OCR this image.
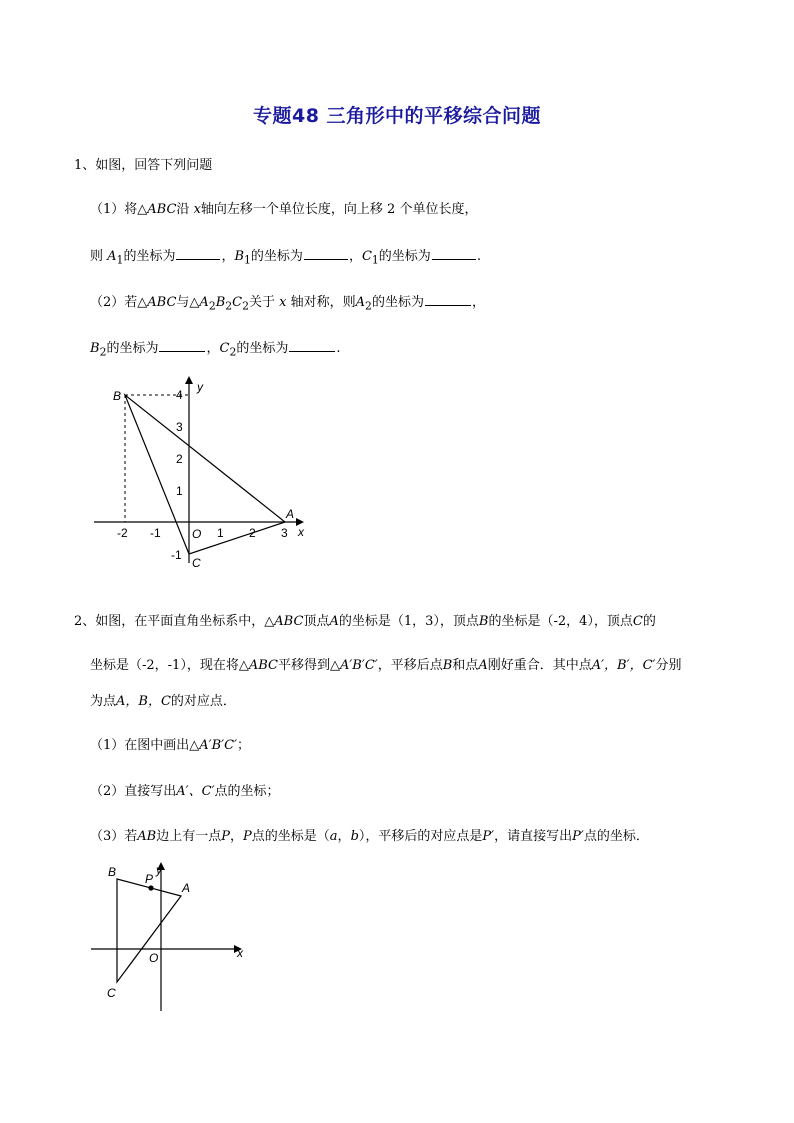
专题48 三角形中的平移综合问题
1、如图，回答下列问题
（1）将△ABC沿 x轴向左移一个单位长度，向上移 2 个单位长度，
则 $A_1$的坐标为	，$B_1$的坐标为	，$C_1$的坐标为	.
（2）若△ABC与$\triangle A_2B_2C_2$关于 x 轴对称，则$A_2$的坐标为	，
$B_2$的坐标为	，$C_2$的坐标为	.
-2 -1	1 2 3
1
2
3
4
-1
B
A
C
O	x
y
2、如图，在平面直角坐标系中，△ABC顶点A的坐标是（1，3），顶点B的坐标是（-2，4），顶点C的
坐标是（-2，-1），现在将△ABC平移得到△A′B′C′，平移后点B和点A刚好重合．其中点A′，B′，C′分别
为点A，B，C的对应点．
（1）在图中画出△A′B′C′；
（2）直接写出A′、C′点的坐标；
（3）若AB边上有一点P，P点的坐标是（a，b），平移后的对应点是P′，请直接写出P′点的坐标．
B P
A
y
x
O
C
